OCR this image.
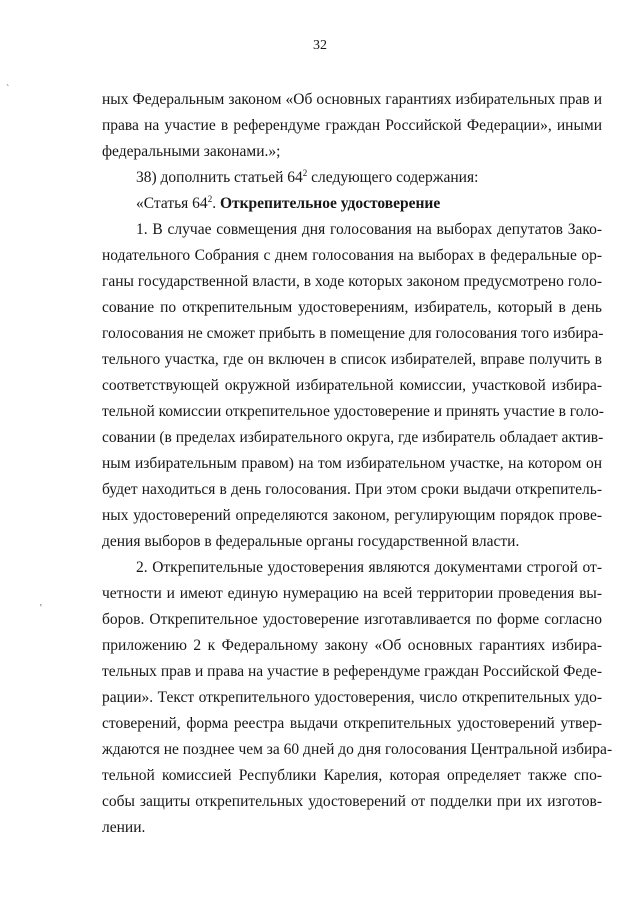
32
`
'
ных Федеральным законом «Об основных гарантиях избирательных прав и
права на участие в референдуме граждан Российской Федерации», иными
федеральными законами.»;
38) дополнить статьей $64^2$ следующего содержания:
«Статья $64^2$. Открепительное удостоверение
1. В случае совмещения дня голосования на выборах депутатов Зако-
нодательного Собрания с днем голосования на выборах в федеральные ор-
ганы государственной власти, в ходе которых законом предусмотрено голо-
сование по открепительным удостоверениям, избиратель, который в день
голосования не сможет прибыть в помещение для голосования того избира-
тельного участка, где он включен в список избирателей, вправе получить в
соответствующей окружной избирательной комиссии, участковой избира-
тельной комиссии открепительное удостоверение и принять участие в голо-
совании (в пределах избирательного округа, где избиратель обладает актив-
ным избирательным правом) на том избирательном участке, на котором он
будет находиться в день голосования. При этом сроки выдачи открепитель-
ных удостоверений определяются законом, регулирующим порядок прове-
дения выборов в федеральные органы государственной власти.
2. Открепительные удостоверения являются документами строгой от-
четности и имеют единую нумерацию на всей территории проведения вы-
боров. Открепительное удостоверение изготавливается по форме согласно
приложению 2 к Федеральному закону «Об основных гарантиях избира-
тельных прав и права на участие в референдуме граждан Российской Феде-
рации». Текст открепительного удостоверения, число открепительных удо-
стоверений, форма реестра выдачи открепительных удостоверений утвер-
ждаются не позднее чем за 60 дней до дня голосования Центральной избира-
тельной комиссией Республики Карелия, которая определяет также спо-
собы защиты открепительных удостоверений от подделки при их изготов-
лении.
